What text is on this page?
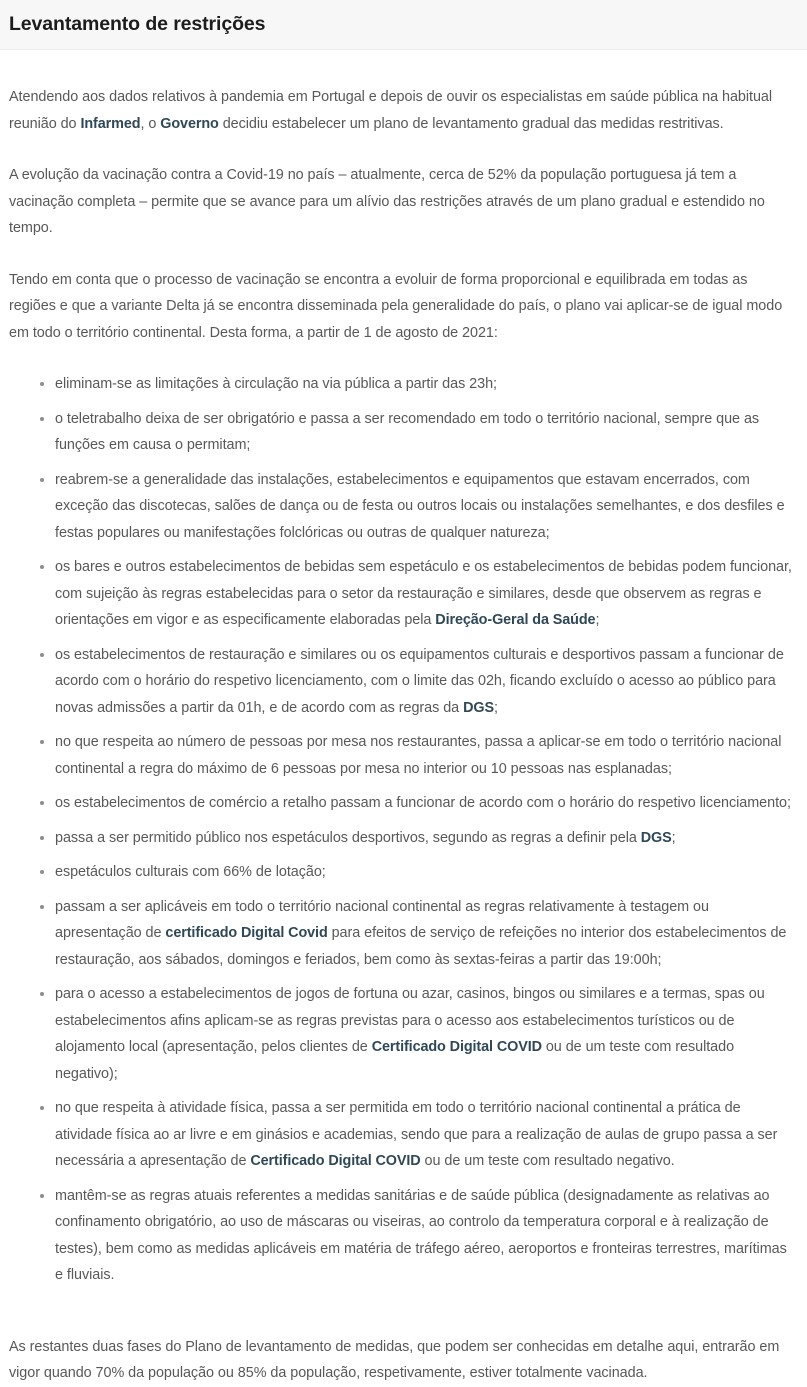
Levantamento de restrições

Atendendo aos dados relativos à pandemia em Portugal e depois de ouvir os especialistas em saúde pública na habitual reunião do Infarmed, o Governo decidiu estabelecer um plano de levantamento gradual das medidas restritivas.

A evolução da vacinação contra a Covid-19 no país – atualmente, cerca de 52% da população portuguesa já tem a vacinação completa – permite que se avance para um alívio das restrições através de um plano gradual e estendido no tempo.

Tendo em conta que o processo de vacinação se encontra a evoluir de forma proporcional e equilibrada em todas as regiões e que a variante Delta já se encontra disseminada pela generalidade do país, o plano vai aplicar-se de igual modo em todo o território continental. Desta forma, a partir de 1 de agosto de 2021:

eliminam-se as limitações à circulação na via pública a partir das 23h;
o teletrabalho deixa de ser obrigatório e passa a ser recomendado em todo o território nacional, sempre que as funções em causa o permitam;
reabrem-se a generalidade das instalações, estabelecimentos e equipamentos que estavam encerrados, com exceção das discotecas, salões de dança ou de festa ou outros locais ou instalações semelhantes, e dos desfiles e festas populares ou manifestações folclóricas ou outras de qualquer natureza;
os bares e outros estabelecimentos de bebidas sem espetáculo e os estabelecimentos de bebidas podem funcionar, com sujeição às regras estabelecidas para o setor da restauração e similares, desde que observem as regras e orientações em vigor e as especificamente elaboradas pela Direção-Geral da Saúde;
os estabelecimentos de restauração e similares ou os equipamentos culturais e desportivos passam a funcionar de acordo com o horário do respetivo licenciamento, com o limite das 02h, ficando excluído o acesso ao público para novas admissões a partir da 01h, e de acordo com as regras da DGS;
no que respeita ao número de pessoas por mesa nos restaurantes, passa a aplicar-se em todo o território nacional continental a regra do máximo de 6 pessoas por mesa no interior ou 10 pessoas nas esplanadas;
os estabelecimentos de comércio a retalho passam a funcionar de acordo com o horário do respetivo licenciamento;
passa a ser permitido público nos espetáculos desportivos, segundo as regras a definir pela DGS;
espetáculos culturais com 66% de lotação;
passam a ser aplicáveis em todo o território nacional continental as regras relativamente à testagem ou apresentação de certificado Digital Covid para efeitos de serviço de refeições no interior dos estabelecimentos de restauração, aos sábados, domingos e feriados, bem como às sextas-feiras a partir das 19:00h;
para o acesso a estabelecimentos de jogos de fortuna ou azar, casinos, bingos ou similares e a termas, spas ou estabelecimentos afins aplicam-se as regras previstas para o acesso aos estabelecimentos turísticos ou de alojamento local (apresentação, pelos clientes de Certificado Digital COVID ou de um teste com resultado negativo);
no que respeita à atividade física, passa a ser permitida em todo o território nacional continental a prática de atividade física ao ar livre e em ginásios e academias, sendo que para a realização de aulas de grupo passa a ser necessária a apresentação de Certificado Digital COVID ou de um teste com resultado negativo.
mantêm-se as regras atuais referentes a medidas sanitárias e de saúde pública (designadamente as relativas ao confinamento obrigatório, ao uso de máscaras ou viseiras, ao controlo da temperatura corporal e à realização de testes), bem como as medidas aplicáveis em matéria de tráfego aéreo, aeroportos e fronteiras terrestres, marítimas e fluviais.

As restantes duas fases do Plano de levantamento de medidas, que podem ser conhecidas em detalhe aqui, entrarão em vigor quando 70% da população ou 85% da população, respetivamente, estiver totalmente vacinada.
